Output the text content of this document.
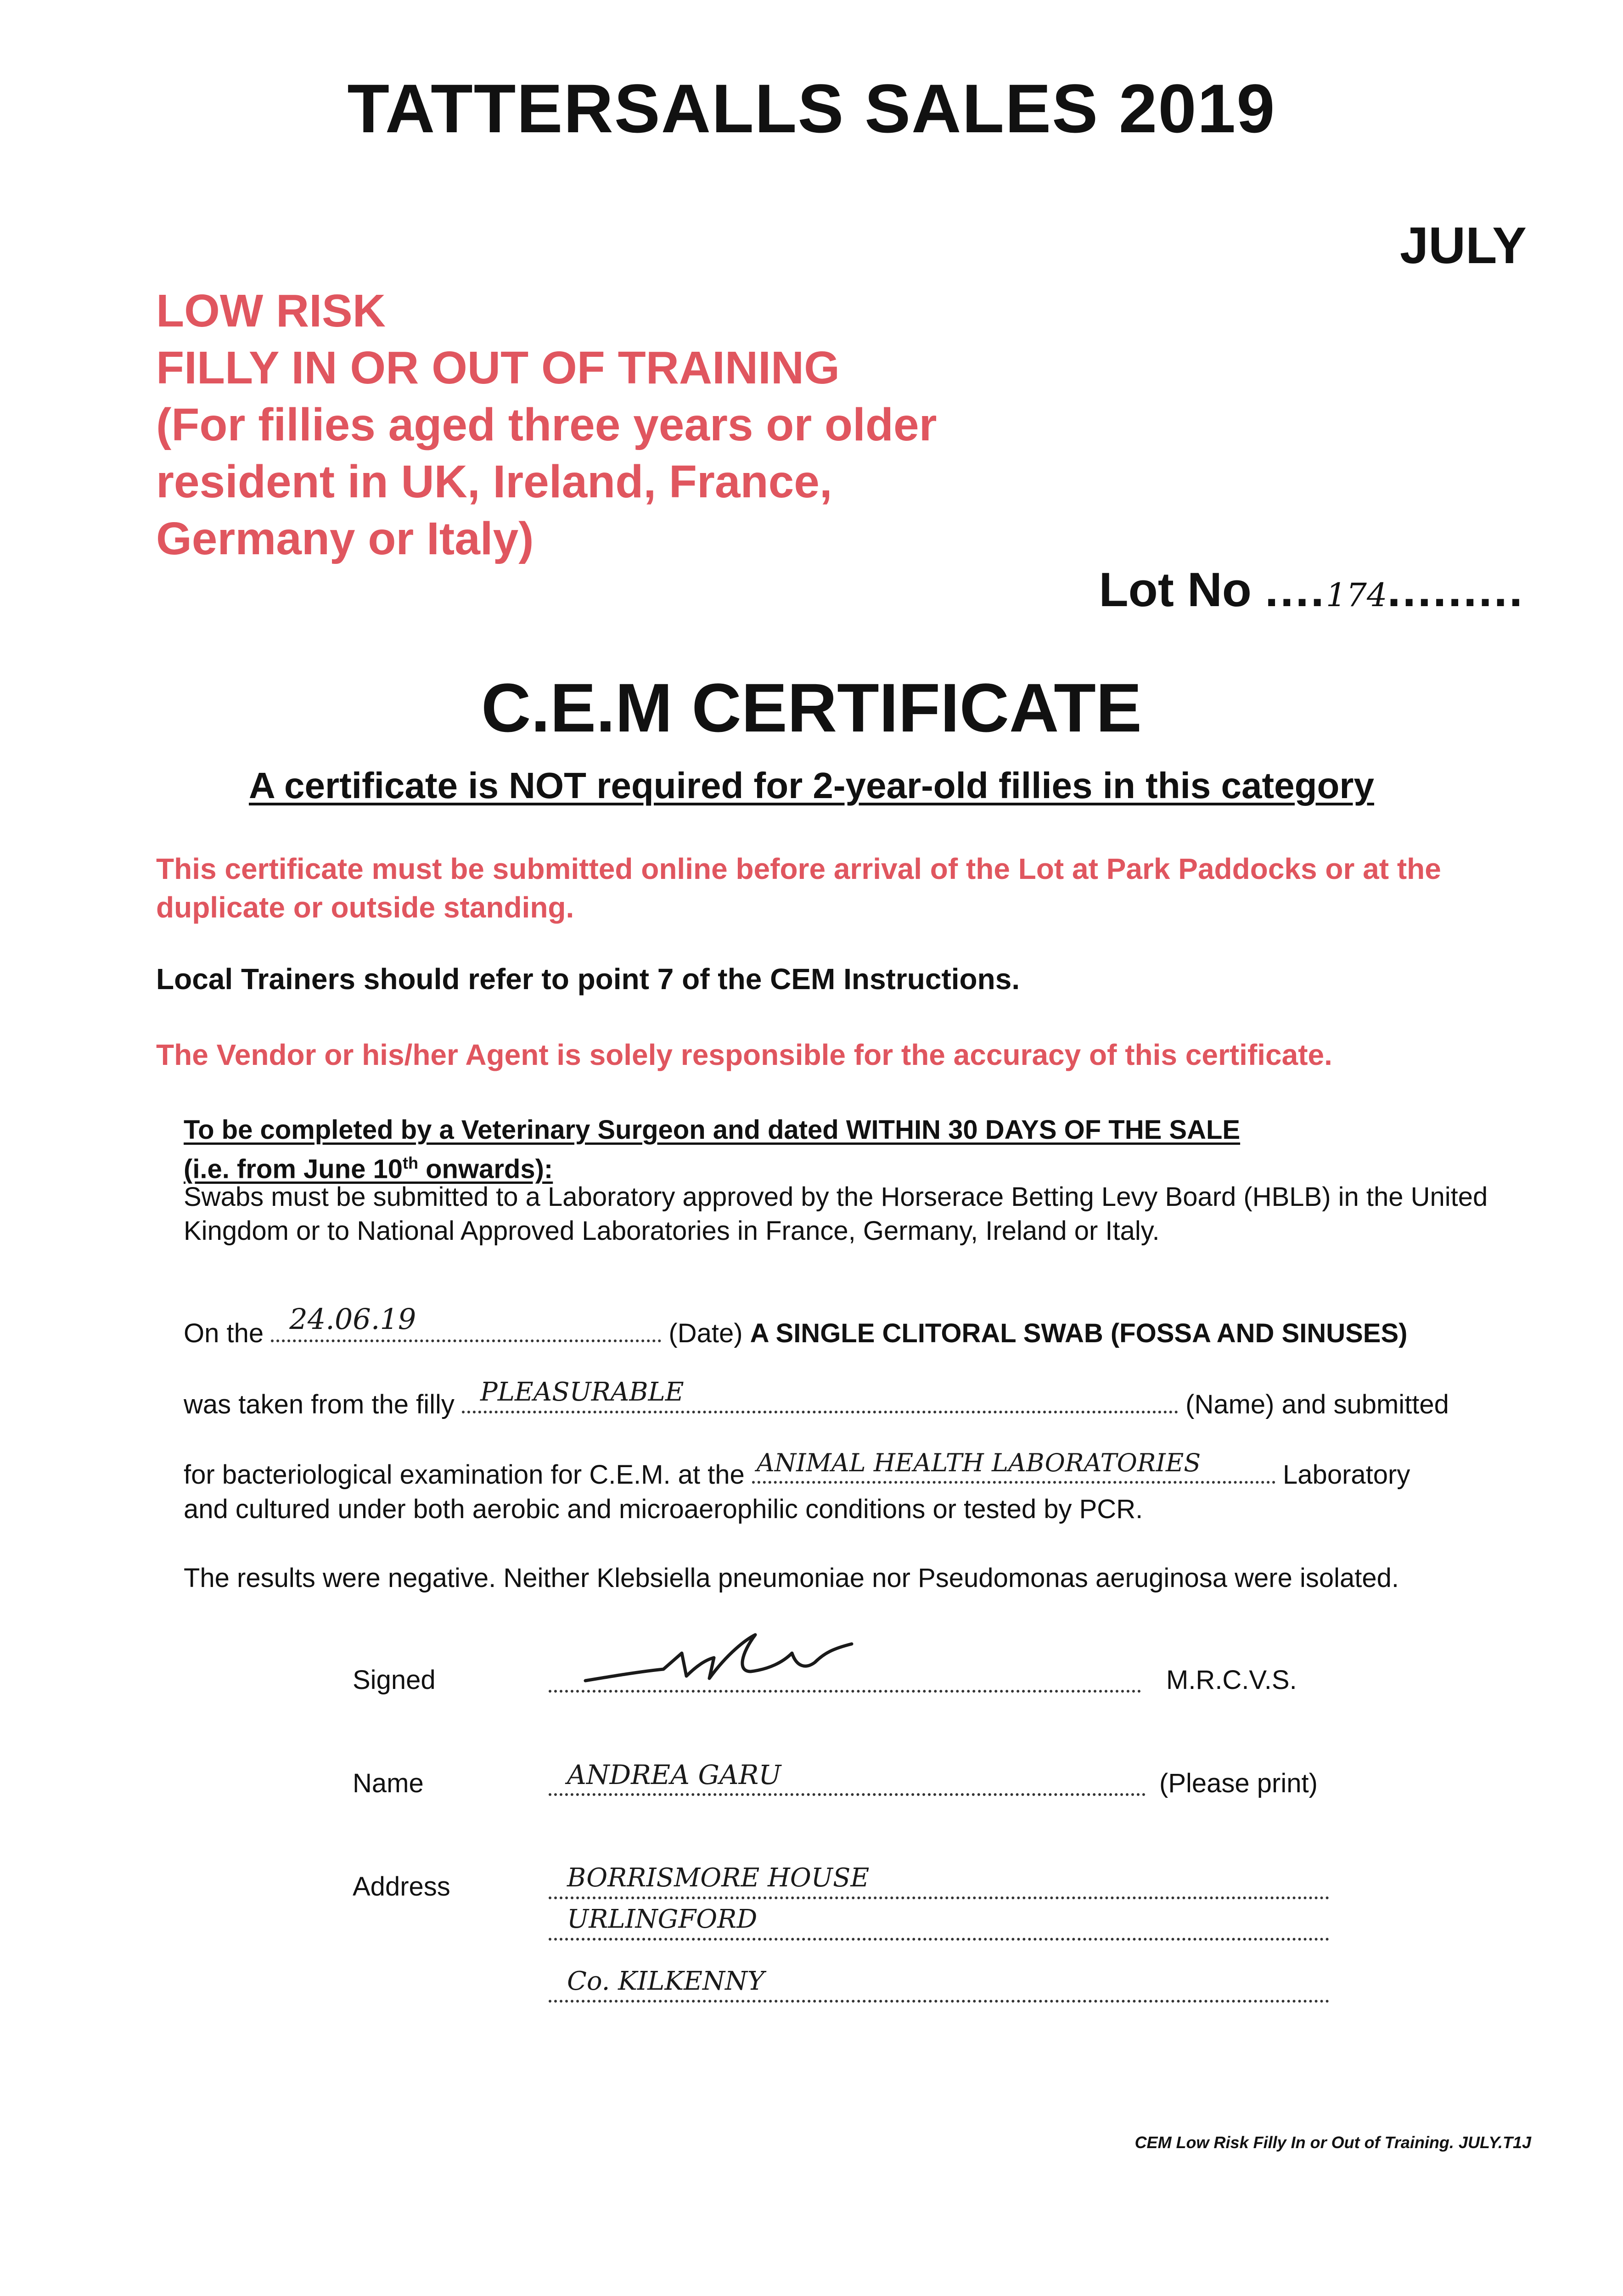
TATTERSALLS SALES 2019
JULY
LOW RISK
FILLY IN OR OUT OF TRAINING
(For fillies aged three years or older
resident in UK, Ireland, France,
Germany or Italy)
Lot No ....174.........
C.E.M CERTIFICATE
A certificate is NOT required for 2-year-old fillies in this category
This certificate must be submitted online before arrival of the Lot at Park Paddocks or at the duplicate or outside standing.
Local Trainers should refer to point 7 of the CEM Instructions.
The Vendor or his/her Agent is solely responsible for the accuracy of this certificate.
To be completed by a Veterinary Surgeon and dated WITHIN 30 DAYS OF THE SALE
(i.e. from June 10th onwards):
Swabs must be submitted to a Laboratory approved by the Horserace Betting Levy Board (HBLB) in the United Kingdom or to National Approved Laboratories in France, Germany, Ireland or Italy.
On the 24.06.19	(Date) A SINGLE CLITORAL SWAB (FOSSA AND SINUSES)
was taken from the filly PLEASURABLE	(Name) and submitted
for bacteriological examination for C.E.M. at the ANIMAL HEALTH LABORATORIES	Laboratory
and cultured under both aerobic and microaerophilic conditions or tested by PCR.
The results were negative. Neither Klebsiella pneumoniae nor Pseudomonas aeruginosa were isolated.
Signed	M.R.C.V.S.
Name	ANDREA GARU	(Please print)
Address	BORRISMORE HOUSE
URLINGFORD
Co. KILKENNY
CEM Low Risk Filly In or Out of Training. JULY.T1J
